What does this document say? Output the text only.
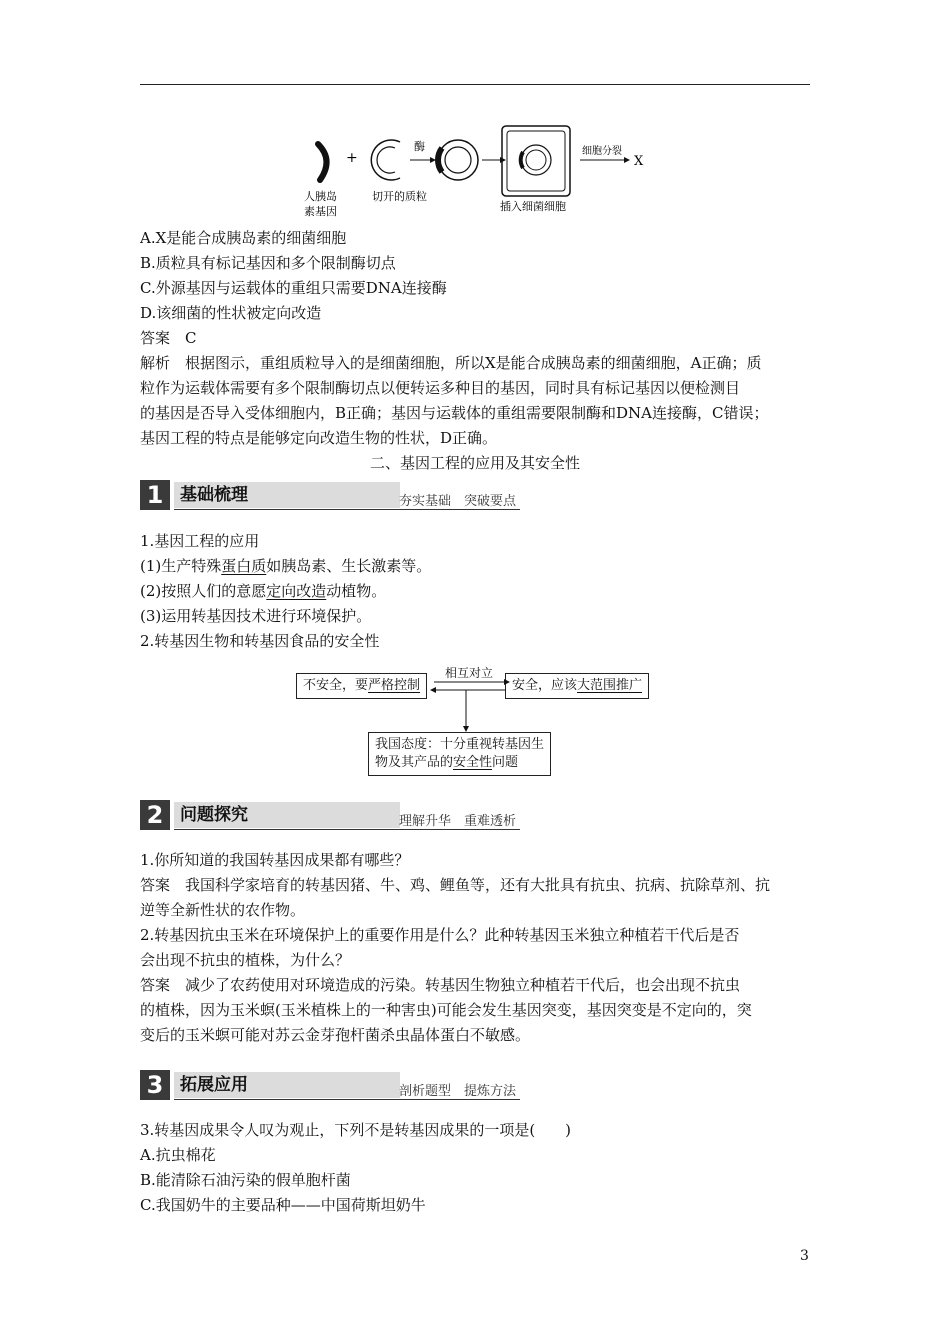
+
酶	细胞分裂
X
人胰岛
素基因
切开的质粒
插入细菌细胞
A.X是能合成胰岛素的细菌细胞
B.质粒具有标记基因和多个限制酶切点
C.外源基因与运载体的重组只需要DNA连接酶
D.该细菌的性状被定向改造
答案　C
解析　根据图示，重组质粒导入的是细菌细胞，所以X是能合成胰岛素的细菌细胞，A正确；质
粒作为运载体需要有多个限制酶切点以便转运多种目的基因，同时具有标记基因以便检测目
的基因是否导入受体细胞内，B正确；基因与运载体的重组需要限制酶和DNA连接酶，C错误；
基因工程的特点是能够定向改造生物的性状，D正确。
二、基因工程的应用及其安全性
1 基础梳理	夯实基础　突破要点
1.基因工程的应用
(1)生产特殊蛋白质如胰岛素、生长激素等。
(2)按照人们的意愿定向改造动植物。
(3)运用转基因技术进行环境保护。
2.转基因生物和转基因食品的安全性
不安全，要严格控制	安全，应该大范围推广
相互对立
我国态度：十分重视转基因生
物及其产品的安全性问题
2 问题探究	理解升华　重难透析
1.你所知道的我国转基因成果都有哪些？
答案　我国科学家培育的转基因猪、牛、鸡、鲤鱼等，还有大批具有抗虫、抗病、抗除草剂、抗
逆等全新性状的农作物。
2.转基因抗虫玉米在环境保护上的重要作用是什么？此种转基因玉米独立种植若干代后是否
会出现不抗虫的植株，为什么？
答案　减少了农药使用对环境造成的污染。转基因生物独立种植若干代后，也会出现不抗虫
的植株，因为玉米螟(玉米植株上的一种害虫)可能会发生基因突变，基因突变是不定向的，突
变后的玉米螟可能对苏云金芽孢杆菌杀虫晶体蛋白不敏感。
3 拓展应用	剖析题型　提炼方法
3.转基因成果令人叹为观止，下列不是转基因成果的一项是(　　)
A.抗虫棉花
B.能清除石油污染的假单胞杆菌
C.我国奶牛的主要品种——中国荷斯坦奶牛
3
